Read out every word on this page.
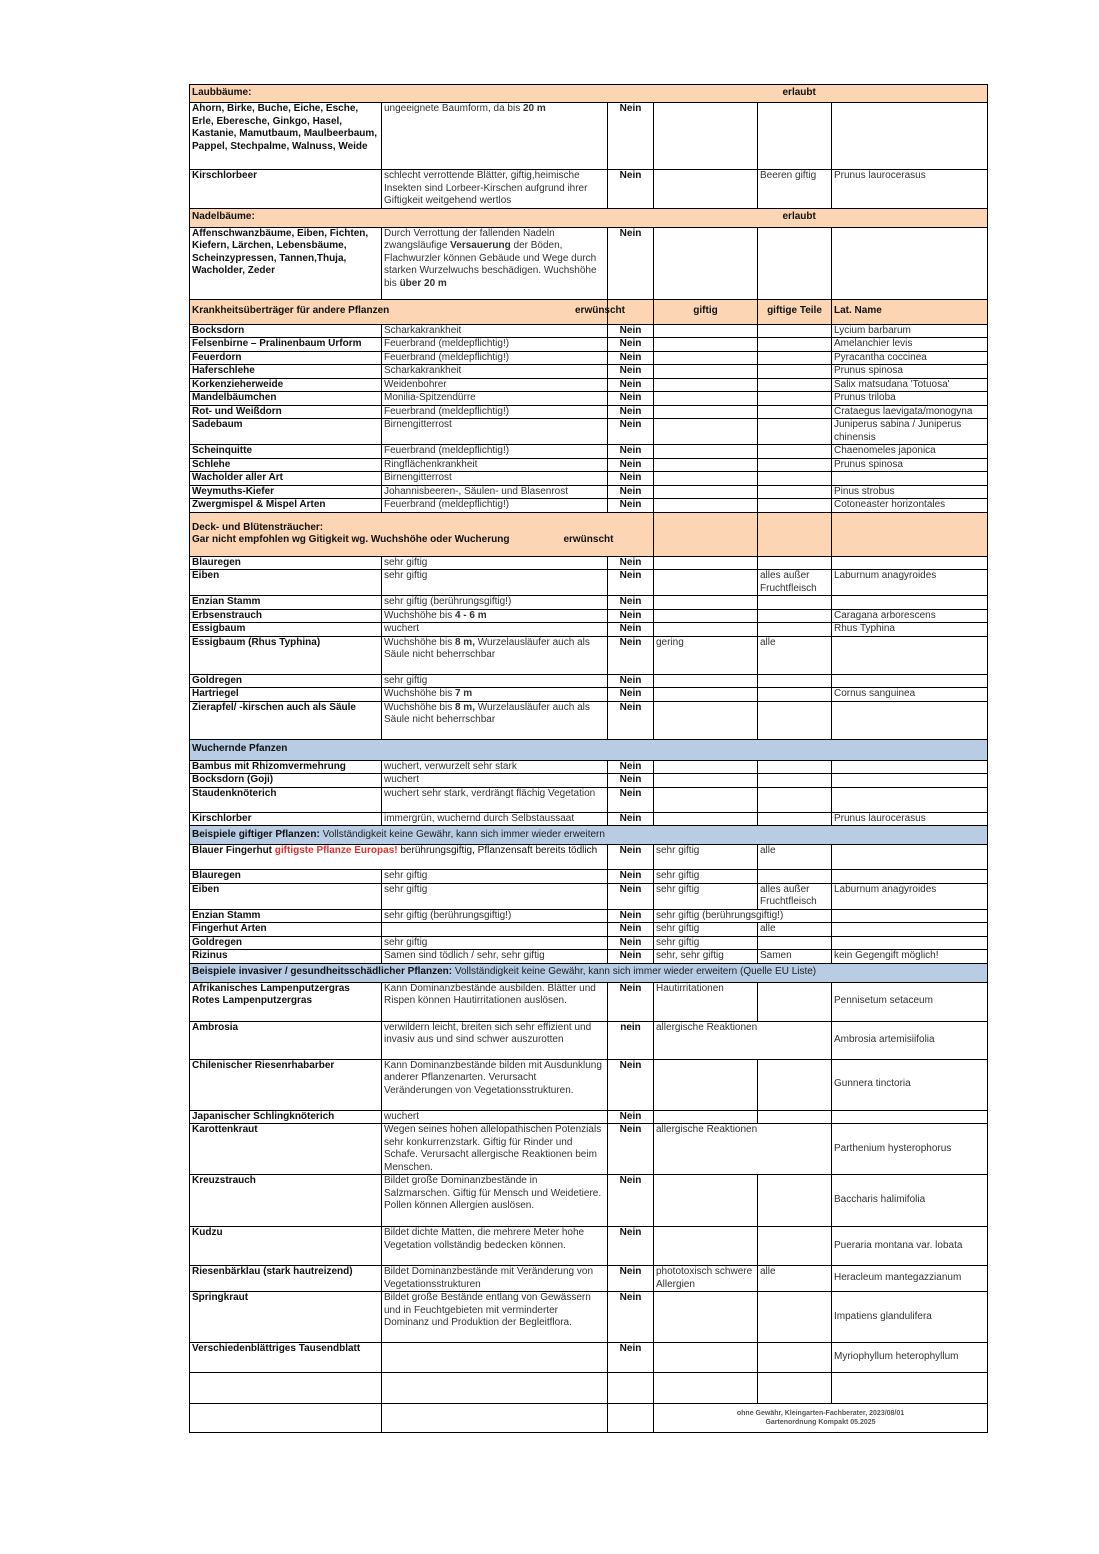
Laubbäume: erlaubt					

Ahorn, Birke, Buche, Eiche, Esche, Erle, Eberesche, Ginkgo, Hasel, Kastanie, Mamutbaum, Maulbeerbaum, Pappel, Stechpalme, Walnuss, Weide	ungeeignete Baumform, da bis 20 m	Nein			
Kirschlorbeer	schlecht verrottende Blätter, giftig,heimische Insekten sind Lorbeer-Kirschen aufgrund ihrer Giftigkeit weitgehend wertlos	Nein		Beeren giftig	Prunus laurocerasus
Nadelbäume: erlaubt					

Affenschwanzbäume, Eiben, Fichten, Kiefern, Lärchen, Lebensbäume, Scheinzypressen, Tannen,Thuja, Wacholder, Zeder	Durch Verrottung der fallenden Nadeln zwangsläufige Versauerung der Böden, Flachwurzler können Gebäude und Wege durch starken Wurzelwuchs beschädigen. Wuchshöhe bis über 20 m	Nein			
Krankheitsüberträger für andere Pflanzen erwünscht			giftig	giftige Teile	Lat. Name
Bocksdorn	Scharkakrankheit	Nein			Lycium barbarum
Felsenbirne – Pralinenbaum Urform	Feuerbrand (meldepflichtig!)	Nein			Amelanchier levis
Feuerdorn	Feuerbrand (meldepflichtig!)	Nein			Pyracantha coccinea
Haferschlehe	Scharkakrankheit	Nein			Prunus spinosa
Korkenzieherweide	Weidenbohrer	Nein			Salix matsudana 'Totuosa'
Mandelbäumchen	Monilia-Spitzendürre	Nein			Prunus triloba
Rot- und Weißdorn	Feuerbrand (meldepflichtig!)	Nein			Crataegus laevigata/monogyna
Sadebaum	Birnengitterrost	Nein			Juniperus sabina / Juniperus chinensis
Scheinquitte	Feuerbrand (meldepflichtig!)	Nein			Chaenomeles japonica
Schlehe	Ringflächenkrankheit	Nein			Prunus spinosa
Wacholder aller Art	Birnengitterrost	Nein			
Weymuths-Kiefer	Johannisbeeren-, Säulen- und Blasenrost	Nein			Pinus strobus
Zwergmispel & Mispel Arten	Feuerbrand (meldepflichtig!)	Nein			Cotoneaster horizontales
Deck- und Blütensträucher:
Gar nicht empfohlen wg Gitigkeit wg. Wuchshöhe oder Wucherung erwünscht					
Blauregen	sehr giftig	Nein			
Eiben	sehr giftig	Nein		alles außer Fruchtfleisch	Laburnum anagyroides
Enzian Stamm	sehr giftig (berührungsgiftig!)	Nein			
Erbsenstrauch	Wuchshöhe bis 4 - 6 m	Nein			Caragana arborescens
Essigbaum	wuchert	Nein			Rhus Typhina
Essigbaum (Rhus Typhina)	Wuchshöhe bis 8 m, Wurzelausläufer auch als Säule nicht beherrschbar	Nein	gering	alle	
Goldregen	sehr giftig	Nein			
Hartriegel	Wuchshöhe bis 7 m	Nein			Cornus sanguinea
Zierapfel/ -kirschen auch als Säule	Wuchshöhe bis 8 m, Wurzelausläufer auch als Säule nicht beherrschbar	Nein			
Wuchernde Pfanzen					
Bambus mit Rhizomvermehrung	wuchert, verwurzelt sehr stark	Nein			
Bocksdorn (Goji)	wuchert	Nein			
Staudenknöterich	wuchert sehr stark, verdrängt flächig Vegetation	Nein			
Kirschlorber	immergrün, wuchernd durch Selbstaussaat	Nein			Prunus laurocerasus
Beispiele giftiger Pflanzen: Vollständigkeit keine Gewähr, kann sich immer wieder erweitern					
Blauer Fingerhut giftigste Pflanze Europas! berührungsgiftig, Pflanzensaft bereits tödlich		Nein	sehr giftig	alle	
Blauregen	sehr giftig	Nein	sehr giftig		
Eiben	sehr giftig	Nein	sehr giftig	alles außer Fruchtfleisch	Laburnum anagyroides
Enzian Stamm	sehr giftig (berührungsgiftig!)	Nein	sehr giftig (berührungsgiftig!)		
Fingerhut Arten		Nein	sehr giftig	alle	
Goldregen	sehr giftig	Nein	sehr giftig		
Rizinus	Samen sind tödlich / sehr, sehr giftig	Nein	sehr, sehr giftig	Samen	kein Gegengift möglich!
Beispiele invasiver / gesundheitsschädlicher Pflanzen: Vollständigkeit keine Gewähr, kann sich immer wieder erweitern (Quelle EU Liste)					
Afrikanisches Lampenputzergras Rotes Lampenputzergras	Kann Dominanzbestände ausbilden. Blätter und Rispen können Hautirritationen auslösen.	Nein	Hautirritationen		Pennisetum setaceum
Ambrosia	verwildern leicht, breiten sich sehr effizient und invasiv aus und sind schwer auszurotten	nein	allergische Reaktionen		Ambrosia artemisiifolia
Chilenischer Riesenrhabarber	Kann Dominanzbestände bilden mit Ausdunklung anderer Pflanzenarten. Verursacht Veränderungen von Vegetationsstrukturen.	Nein			Gunnera tinctoria
Japanischer Schlingknöterich	wuchert	Nein			
Karottenkraut	Wegen seines hohen allelopathischen Potenzials sehr konkurrenzstark. Giftig für Rinder und Schafe. Verursacht allergische Reaktionen beim Menschen.	Nein	allergische Reaktionen		Parthenium hysterophorus
Kreuzstrauch	Bildet große Dominanzbestände in Salzmarschen. Giftig für Mensch und Weidetiere. Pollen können Allergien auslösen.	Nein			Baccharis halimifolia
Kudzu	Bildet dichte Matten, die mehrere Meter hohe Vegetation vollständig bedecken können.	Nein			Pueraria montana var. lobata
Riesenbärklau (stark hautreizend)	Bildet Dominanzbestände mit Veränderung von Vegetationsstrukturen	Nein	phototoxisch schwere Allergien	alle	Heracleum mantegazzianum
Springkraut	Bildet große Bestände entlang von Gewässern und in Feuchtgebieten mit verminderter Dominanz und Produktion der Begleitflora.	Nein			Impatiens glandulifera
Verschiedenblättriges Tausendblatt		Nein			Myriophyllum heterophyllum

			ohne Gewähr, Kleingarten-Fachberater, 2023/08/01
Gartenordnung Kompakt 05.2025		
